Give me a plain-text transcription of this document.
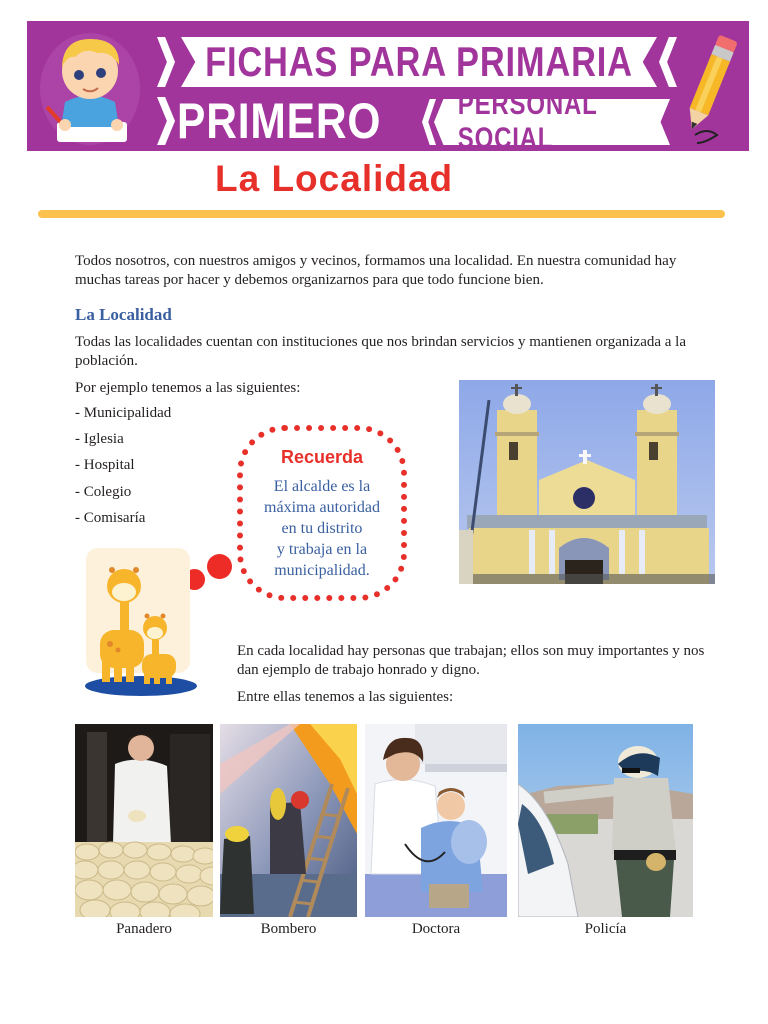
FICHAS PARA PRIMARIA
PRIMERO	PERSONAL SOCIAL
La Localidad

Todos nosotros, con nuestros amigos y vecinos, formamos una localidad. En nuestra comunidad hay muchas tareas por hacer y debemos organizarnos para que todo funcione bien.

La Localidad

Todas las localidades cuentan con instituciones que nos brindan servicios y mantienen organizada a la población.

Por ejemplo tenemos a las siguientes:

- Municipalidad
- Iglesia
- Hospital
- Colegio
- Comisaría
Recuerda
El alcalde es la
máxima autoridad
en tu distrito
y trabaja en la
municipalidad.

En cada localidad hay personas que trabajan; ellos son muy importantes y nos dan ejemplo de trabajo honrado y digno.

Entre ellas tenemos a las siguientes:

Panadero	Bombero	Doctora	Policía
